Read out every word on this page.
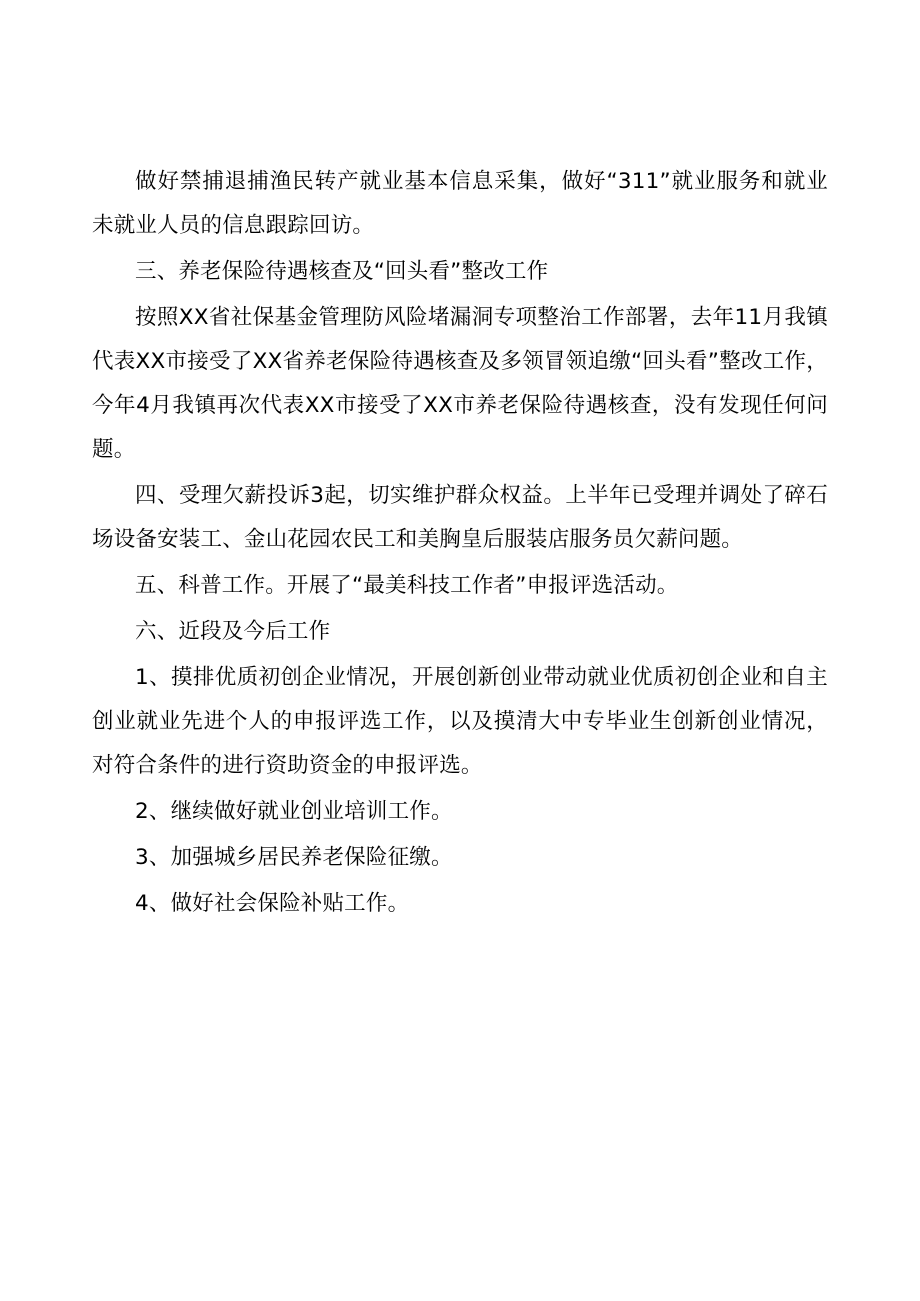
做好禁捕退捕渔民转产就业基本信息采集，做好“311”就业服务和就业未就业人员的信息跟踪回访。

三、养老保险待遇核查及“回头看”整改工作

按照XX省社保基金管理防风险堵漏洞专项整治工作部署，去年11月我镇代表XX市接受了XX省养老保险待遇核查及多领冒领追缴“回头看”整改工作，今年4月我镇再次代表XX市接受了XX市养老保险待遇核查，没有发现任何问题。

四、受理欠薪投诉3起，切实维护群众权益。上半年已受理并调处了碎石场设备安装工、金山花园农民工和美胸皇后服装店服务员欠薪问题。

五、科普工作。开展了“最美科技工作者”申报评选活动。

六、近段及今后工作

1、摸排优质初创企业情况，开展创新创业带动就业优质初创企业和自主创业就业先进个人的申报评选工作，以及摸清大中专毕业生创新创业情况，对符合条件的进行资助资金的申报评选。

2、继续做好就业创业培训工作。

3、加强城乡居民养老保险征缴。

4、做好社会保险补贴工作。
